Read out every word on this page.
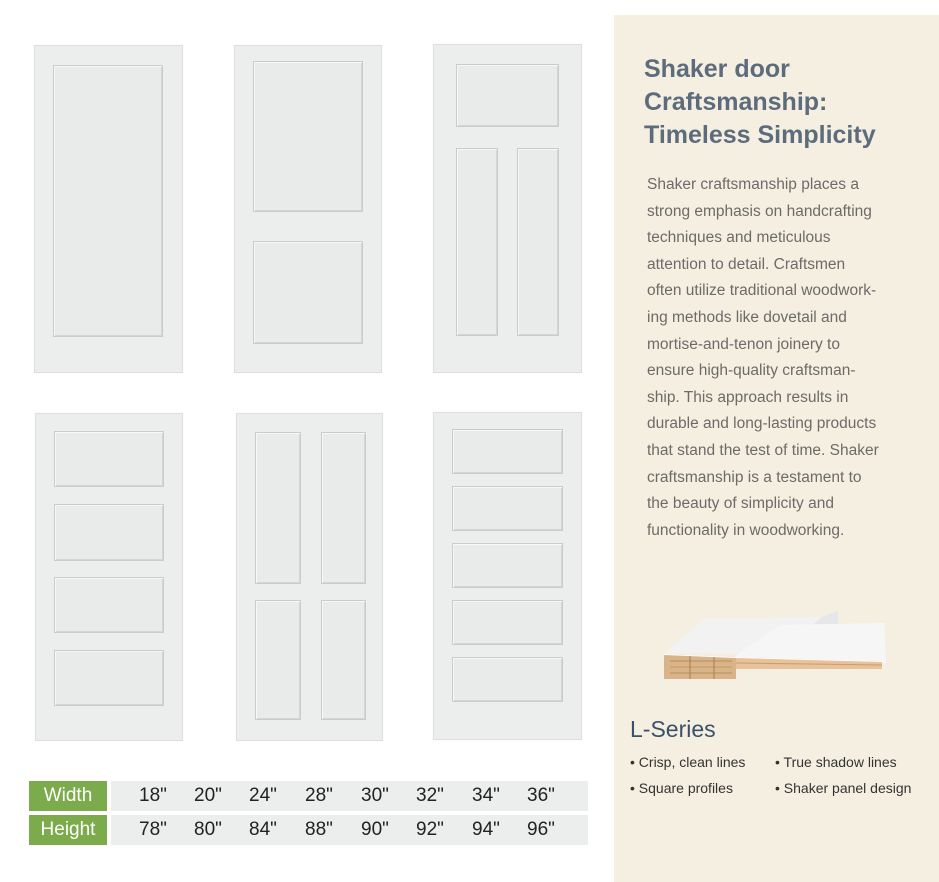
Width	18"	20"	24"	28"	30"	32"	34"	36"
Height	78"	80"	84"	88"	90"	92"	94"	96"
Shaker door
Craftsmanship:
Timeless Simplicity
Shaker craftsmanship places a
strong emphasis on handcrafting
techniques and meticulous
attention to detail. Craftsmen
often utilize traditional woodwork-
ing methods like dovetail and
mortise-and-tenon joinery to
ensure high-quality craftsman-
ship. This approach results in
durable and long-lasting products
that stand the test of time. Shaker
craftsmanship is a testament to
the beauty of simplicity and
functionality in woodworking.
L-Series
• Crisp, clean lines • True shadow lines
• Square profiles	• Shaker panel design
